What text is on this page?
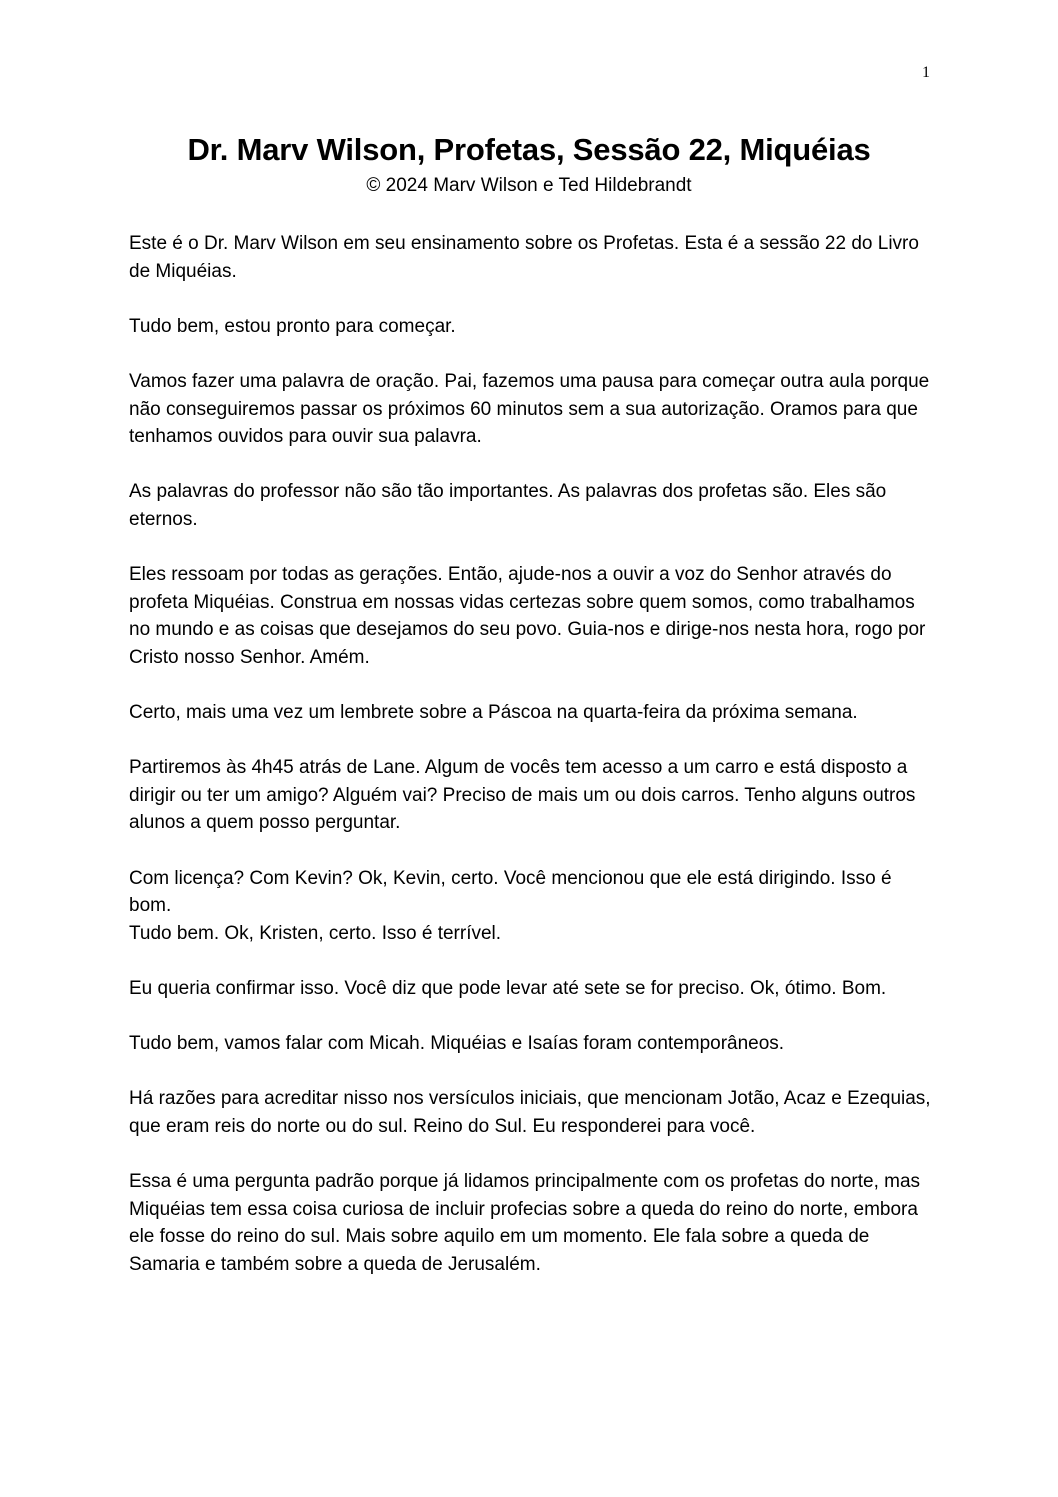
1
Dr. Marv Wilson, Profetas, Sessão 22, Miquéias
© 2024 Marv Wilson e Ted Hildebrandt

Este é o Dr. Marv Wilson em seu ensinamento sobre os Profetas. Esta é a sessão 22 do Livro de Miquéias.

Tudo bem, estou pronto para começar.

Vamos fazer uma palavra de oração. Pai, fazemos uma pausa para começar outra aula porque não conseguiremos passar os próximos 60 minutos sem a sua autorização. Oramos para que tenhamos ouvidos para ouvir sua palavra.

As palavras do professor não são tão importantes. As palavras dos profetas são. Eles são eternos.

Eles ressoam por todas as gerações. Então, ajude-nos a ouvir a voz do Senhor através do profeta Miquéias. Construa em nossas vidas certezas sobre quem somos, como trabalhamos no mundo e as coisas que desejamos do seu povo. Guia-nos e dirige-nos nesta hora, rogo por Cristo nosso Senhor. Amém.

Certo, mais uma vez um lembrete sobre a Páscoa na quarta-feira da próxima semana.

Partiremos às 4h45 atrás de Lane. Algum de vocês tem acesso a um carro e está disposto a dirigir ou ter um amigo? Alguém vai? Preciso de mais um ou dois carros. Tenho alguns outros alunos a quem posso perguntar.

Com licença? Com Kevin? Ok, Kevin, certo. Você mencionou que ele está dirigindo. Isso é bom.
Tudo bem. Ok, Kristen, certo. Isso é terrível.

Eu queria confirmar isso. Você diz que pode levar até sete se for preciso. Ok, ótimo. Bom.

Tudo bem, vamos falar com Micah. Miquéias e Isaías foram contemporâneos.

Há razões para acreditar nisso nos versículos iniciais, que mencionam Jotão, Acaz e Ezequias, que eram reis do norte ou do sul. Reino do Sul. Eu responderei para você.

Essa é uma pergunta padrão porque já lidamos principalmente com os profetas do norte, mas Miquéias tem essa coisa curiosa de incluir profecias sobre a queda do reino do norte, embora ele fosse do reino do sul. Mais sobre aquilo em um momento. Ele fala sobre a queda de Samaria e também sobre a queda de Jerusalém.
